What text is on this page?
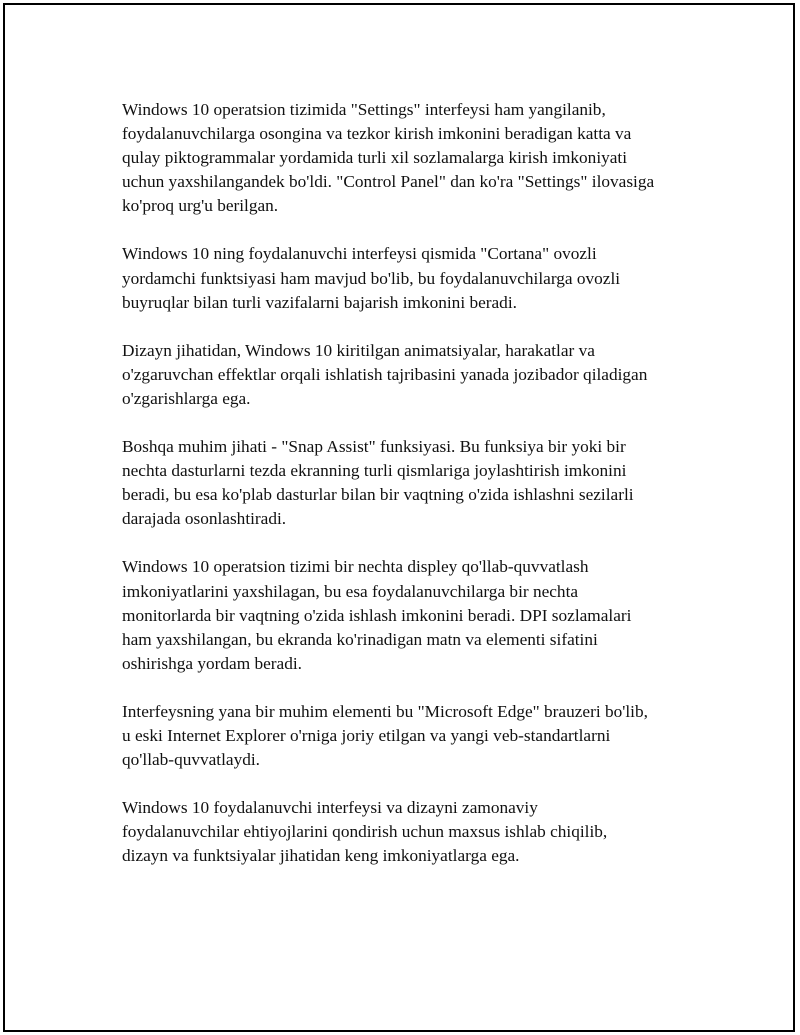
Windows 10 operatsion tizimida "Settings" interfeysi ham yangilanib,
foydalanuvchilarga osongina va tezkor kirish imkonini beradigan katta va
qulay piktogrammalar yordamida turli xil sozlamalarga kirish imkoniyati
uchun yaxshilangandek bo'ldi. "Control Panel" dan ko'ra "Settings" ilovasiga
ko'proq urg'u berilgan.

Windows 10 ning foydalanuvchi interfeysi qismida "Cortana" ovozli
yordamchi funktsiyasi ham mavjud bo'lib, bu foydalanuvchilarga ovozli
buyruqlar bilan turli vazifalarni bajarish imkonini beradi.

Dizayn jihatidan, Windows 10 kiritilgan animatsiyalar, harakatlar va
o'zgaruvchan effektlar orqali ishlatish tajribasini yanada jozibador qiladigan
o'zgarishlarga ega.

Boshqa muhim jihati - "Snap Assist" funksiyasi. Bu funksiya bir yoki bir
nechta dasturlarni tezda ekranning turli qismlariga joylashtirish imkonini
beradi, bu esa ko'plab dasturlar bilan bir vaqtning o'zida ishlashni sezilarli
darajada osonlashtiradi.

Windows 10 operatsion tizimi bir nechta displey qo'llab-quvvatlash
imkoniyatlarini yaxshilagan, bu esa foydalanuvchilarga bir nechta
monitorlarda bir vaqtning o'zida ishlash imkonini beradi. DPI sozlamalari
ham yaxshilangan, bu ekranda ko'rinadigan matn va elementi sifatini
oshirishga yordam beradi.

Interfeysning yana bir muhim elementi bu "Microsoft Edge" brauzeri bo'lib,
u eski Internet Explorer o'rniga joriy etilgan va yangi veb-standartlarni
qo'llab-quvvatlaydi.

Windows 10 foydalanuvchi interfeysi va dizayni zamonaviy
foydalanuvchilar ehtiyojlarini qondirish uchun maxsus ishlab chiqilib,
dizayn va funktsiyalar jihatidan keng imkoniyatlarga ega.
